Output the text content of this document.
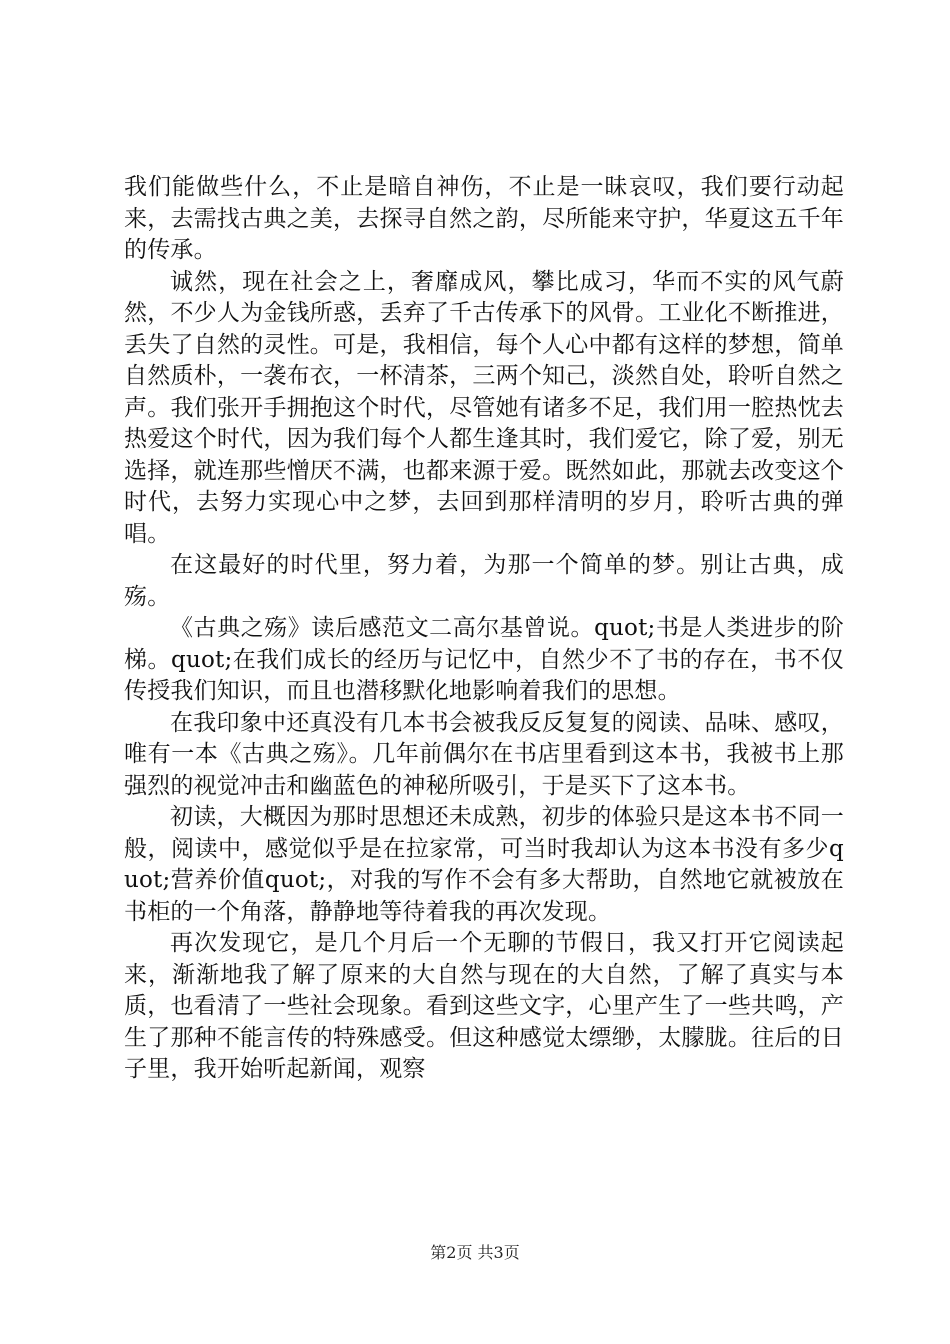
我们能做些什么，不止是暗自神伤，不止是一昧哀叹，我们要行动起来，去需找古典之美，去探寻自然之韵，尽所能来守护，华夏这五千年的传承。

诚然，现在社会之上，奢靡成风，攀比成习，华而不实的风气蔚然，不少人为金钱所惑，丢弃了千古传承下的风骨。工业化不断推进，丢失了自然的灵性。可是，我相信，每个人心中都有这样的梦想，简单自然质朴，一袭布衣，一杯清茶，三两个知己，淡然自处，聆听自然之声。我们张开手拥抱这个时代，尽管她有诸多不足，我们用一腔热忱去热爱这个时代，因为我们每个人都生逢其时，我们爱它，除了爱，别无选择，就连那些憎厌不满，也都来源于爱。既然如此，那就去改变这个时代，去努力实现心中之梦，去回到那样清明的岁月，聆听古典的弹唱。

在这最好的时代里，努力着，为那一个简单的梦。别让古典，成殇。

《古典之殇》读后感范文二高尔基曾说。quot;书是人类进步的阶梯。quot;在我们成长的经历与记忆中，自然少不了书的存在，书不仅传授我们知识，而且也潜移默化地影响着我们的思想。

在我印象中还真没有几本书会被我反反复复的阅读、品味、感叹，唯有一本《古典之殇》。几年前偶尔在书店里看到这本书，我被书上那强烈的视觉冲击和幽蓝色的神秘所吸引，于是买下了这本书。

初读，大概因为那时思想还未成熟，初步的体验只是这本书不同一般，阅读中，感觉似乎是在拉家常，可当时我却认为这本书没有多少quot;营养价值quot;，对我的写作不会有多大帮助，自然地它就被放在书柜的一个角落，静静地等待着我的再次发现。

再次发现它，是几个月后一个无聊的节假日，我又打开它阅读起来，渐渐地我了解了原来的大自然与现在的大自然，了解了真实与本质，也看清了一些社会现象。看到这些文字，心里产生了一些共鸣，产生了那种不能言传的特殊感受。但这种感觉太缥缈，太朦胧。往后的日子里，我开始听起新闻，观察

第2页 共3页
